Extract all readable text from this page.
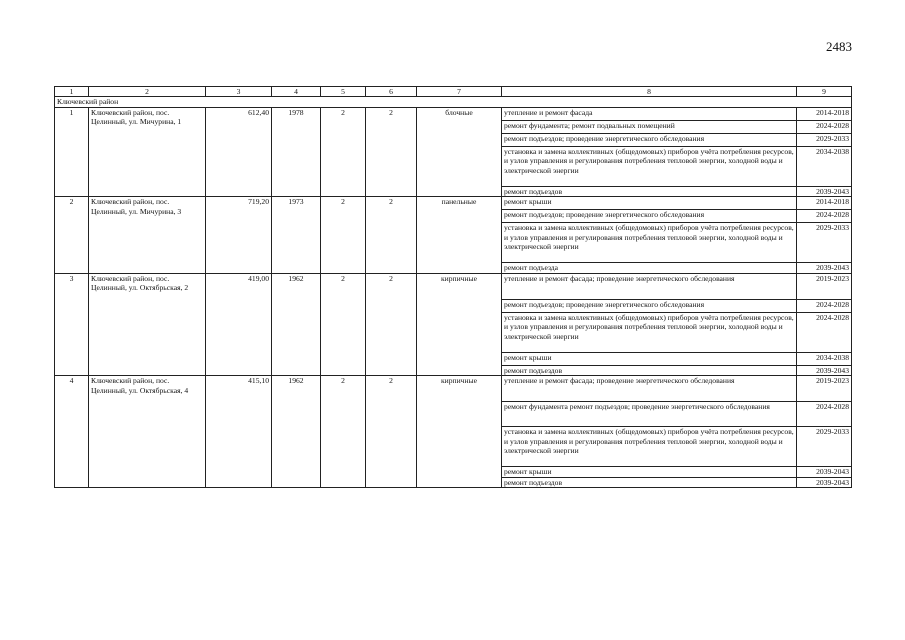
2483
1	2	3	4	5	6	7	8	9
Ключевский район								
1	Ключевский район, пос. Целинный, ул. Мичурина, 1	612,40	1978	2	2	блочные	утепление и ремонт фасада	2014-2018
							ремонт фундамента; ремонт подвальных помещений	2024-2028
							ремонт подъездов; проведение энергетического обследования	2029-2033
							установка и замена коллективных (общедомовых) приборов учёта потребления ресурсов, и узлов управления и регулирования потребления тепловой энергии, холодной воды и электрической энергии	2034-2038
							ремонт подъездов	2039-2043
2	Ключевский район, пос. Целинный, ул. Мичурина, 3	719,20	1973	2	2	панельные	ремонт крыши	2014-2018
							ремонт подъездов; проведение энергетического обследования	2024-2028
							установка и замена коллективных (общедомовых) приборов учёта потребления ресурсов, и узлов управления и регулирования потребления тепловой энергии, холодной воды и электрической энергии	2029-2033
							ремонт подъезда	2039-2043
3	Ключевский район, пос. Целинный, ул. Октябрьская, 2	419,00	1962	2	2	кирпичные	утепление и ремонт фасада; проведение энергетического обследования	2019-2023
							ремонт подъездов; проведение энергетического обследования	2024-2028
							установка и замена коллективных (общедомовых) приборов учёта потребления ресурсов, и узлов управления и регулирования потребления тепловой энергии, холодной воды и электрической энергии	2024-2028
							ремонт крыши	2034-2038
							ремонт подъездов	2039-2043
4	Ключевский район, пос. Целинный, ул. Октябрьская, 4	415,10	1962	2	2	кирпичные	утепление и ремонт фасада; проведение энергетического обследования	2019-2023
							ремонт фундамента ремонт подъездов; проведение энергетического обследования	2024-2028
							установка и замена коллективных (общедомовых) приборов учёта потребления ресурсов, и узлов управления и регулирования потребления тепловой энергии, холодной воды и электрической энергии	2029-2033
							ремонт крыши	2039-2043
							ремонт подъездов	2039-2043
